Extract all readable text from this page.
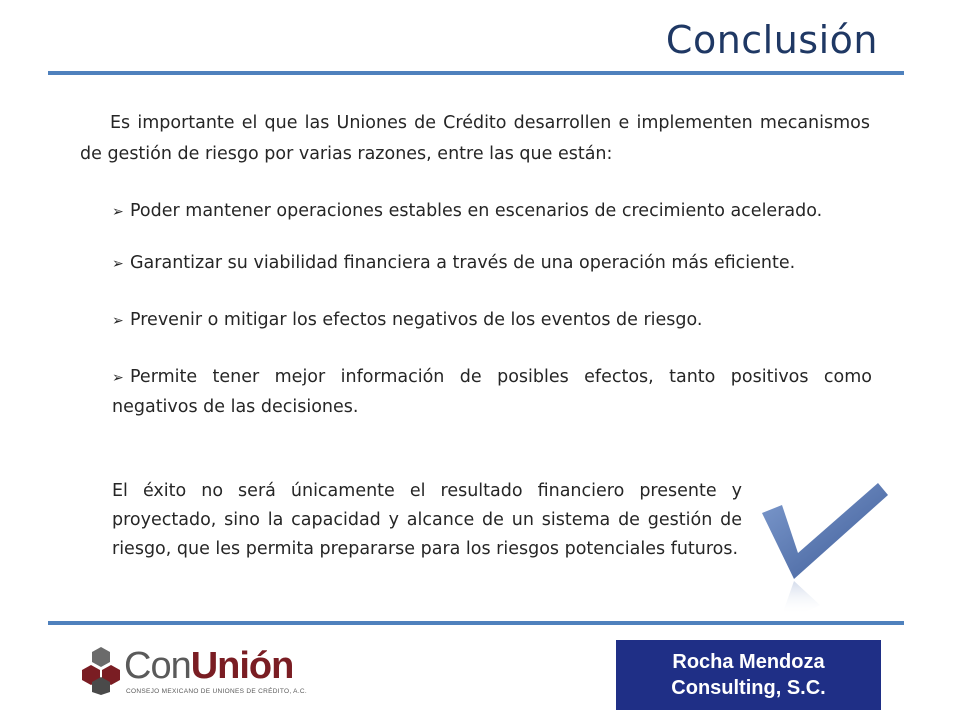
Conclusión

Es importante el que las Uniones de Crédito desarrollen e implementen mecanismos de gestión de riesgo por varias razones, entre las que están:

➢ Poder mantener operaciones estables en escenarios de crecimiento acelerado.
➢ Garantizar su viabilidad financiera a través de una operación más eficiente.
➢ Prevenir o mitigar los efectos negativos de los eventos de riesgo.
➢ Permite tener mejor información de posibles efectos, tanto positivos como negativos de las decisiones.

El éxito no será únicamente el resultado financiero presente y proyectado, sino la capacidad y alcance de un sistema de gestión de riesgo, que les permita prepararse para los riesgos potenciales futuros.

ConUnión
CONSEJO MEXICANO DE UNIONES DE CRÉDITO, A.C.
Rocha Mendoza
Consulting, S.C.
